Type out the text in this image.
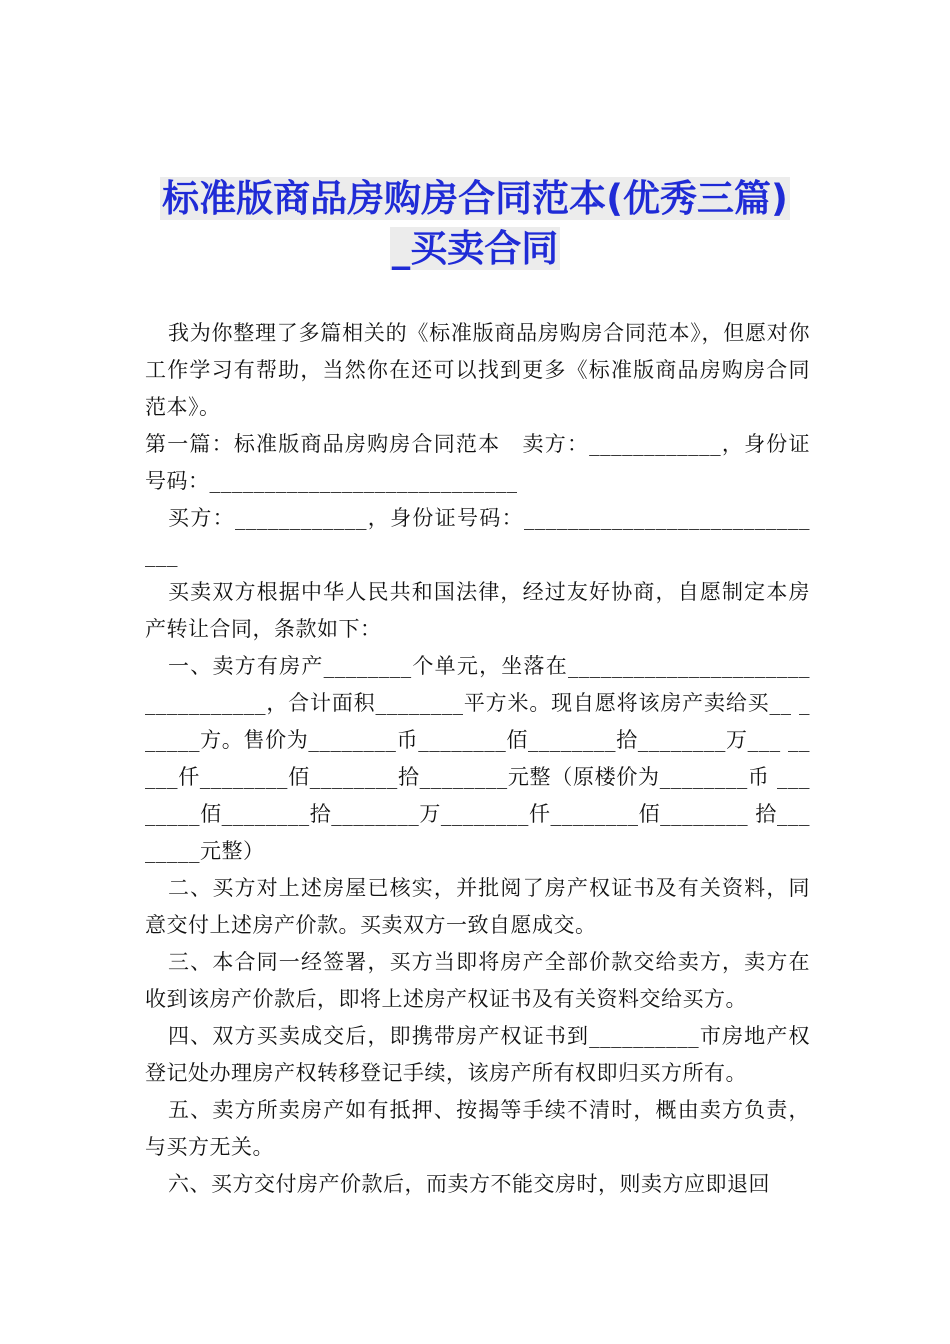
标准版商品房购房合同范本(优秀三篇)
_买卖合同

我为你整理了多篇相关的《标准版商品房购房合同范本》，但愿对你工作学习有帮助，当然你在还可以找到更多《标准版商品房购房合同范本》。

第一篇：标准版商品房购房合同范本　卖方：____________，身份证号码：____________________________

买方：____________，身份证号码：__________________________ ___

买卖双方根据中华人民共和国法律，经过友好协商，自愿制定本房产转让合同，条款如下：

一、卖方有房产________个单元，坐落在______________________ ___________，合计面积________平方米。现自愿将该房产卖给买__ ______方。售价为________币________佰________拾________万___ _____仟________佰________拾________元整（原楼价为________币 ________佰________拾________万________仟________佰________ 拾________元整）

二、买方对上述房屋已核实，并批阅了房产权证书及有关资料，同意交付上述房产价款。买卖双方一致自愿成交。

三、本合同一经签署，买方当即将房产全部价款交给卖方，卖方在收到该房产价款后，即将上述房产权证书及有关资料交给买方。

四、双方买卖成交后，即携带房产权证书到__________市房地产权登记处办理房产权转移登记手续，该房产所有权即归买方所有。

五、卖方所卖房产如有抵押、按揭等手续不清时，概由卖方负责，与买方无关。

六、买方交付房产价款后，而卖方不能交房时，则卖方应即退回
